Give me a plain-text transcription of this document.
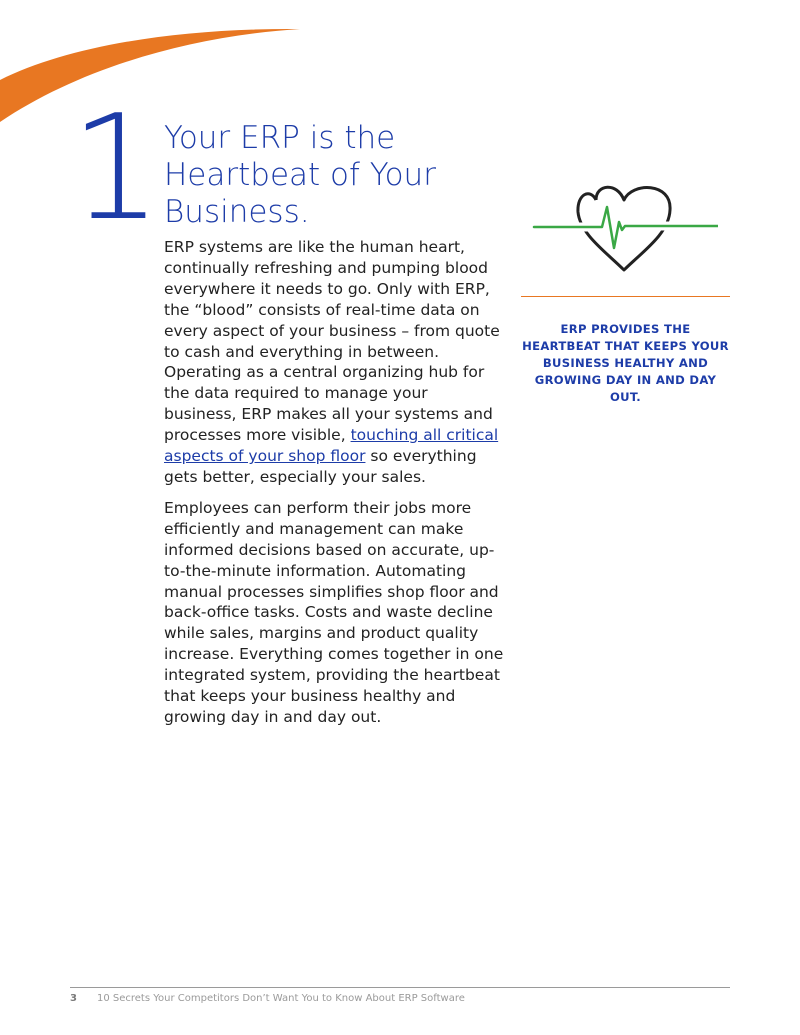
1 Your ERP is the Heartbeat of Your Business.

ERP systems are like the human heart, continually refreshing and pumping blood everywhere it needs to go. Only with ERP, the “blood” consists of real-time data on every aspect of your business – from quote to cash and everything in between. Operating as a central organizing hub for the data required to manage your business, ERP makes all your systems and processes more visible, touching all critical aspects of your shop floor so everything gets better, especially your sales.

Employees can perform their jobs more efficiently and management can make informed decisions based on accurate, up-to-the-minute information. Automating manual processes simplifies shop floor and back-office tasks. Costs and waste decline while sales, margins and product quality increase. Everything comes together in one integrated system, providing the heartbeat that keeps your business healthy and growing day in and day out.

ERP PROVIDES THE HEARTBEAT THAT KEEPS YOUR BUSINESS HEALTHY AND GROWING DAY IN AND DAY OUT.

3 10 Secrets Your Competitors Don’t Want You to Know About ERP Software
